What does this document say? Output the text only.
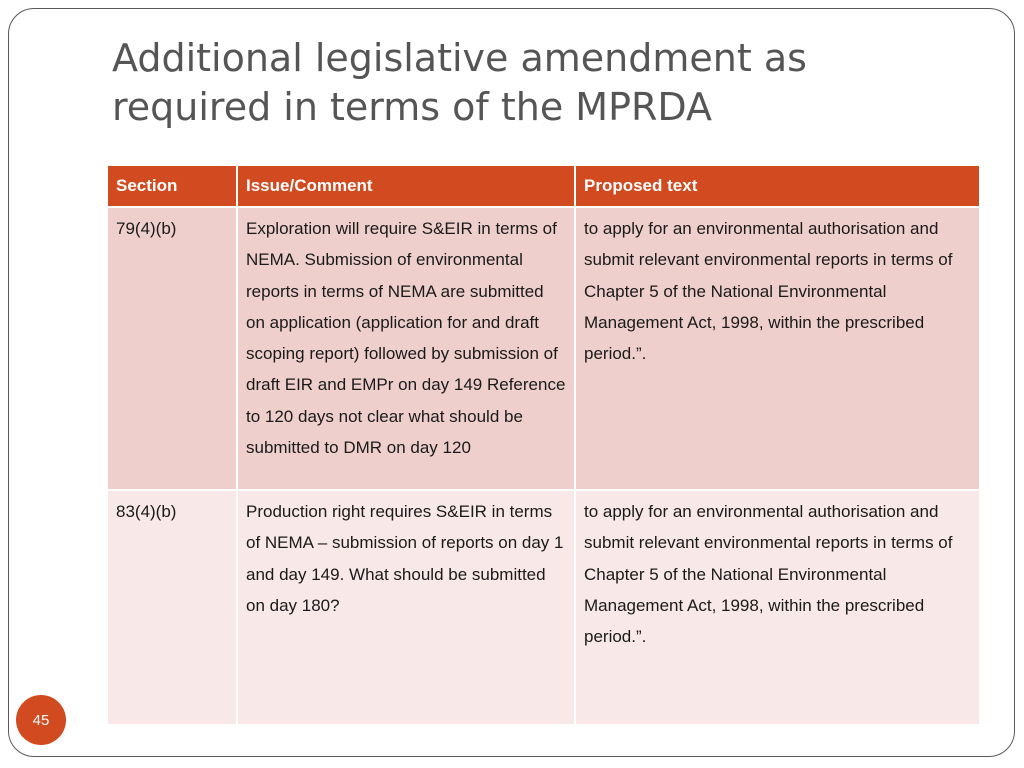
Additional legislative amendment as required in terms of the MPRDA
Section	Issue/Comment	Proposed text
79(4)(b)	Exploration will require S&EIR in terms of NEMA. Submission of environmental reports in terms of NEMA are submitted on application (application for and draft scoping report) followed by submission of draft EIR and EMPr on day 149 Reference to 120 days not clear what should be submitted to DMR on day 120	to apply for an environmental authorisation and submit relevant environmental reports in terms of Chapter 5 of the National Environmental Management Act, 1998, within the prescribed period.”.
83(4)(b)	Production right requires S&EIR in terms of NEMA – submission of reports on day 1 and day 149. What should be submitted on day 180?	to apply for an environmental authorisation and submit relevant environmental reports in terms of Chapter 5 of the National Environmental Management Act, 1998, within the prescribed period.”.
45
